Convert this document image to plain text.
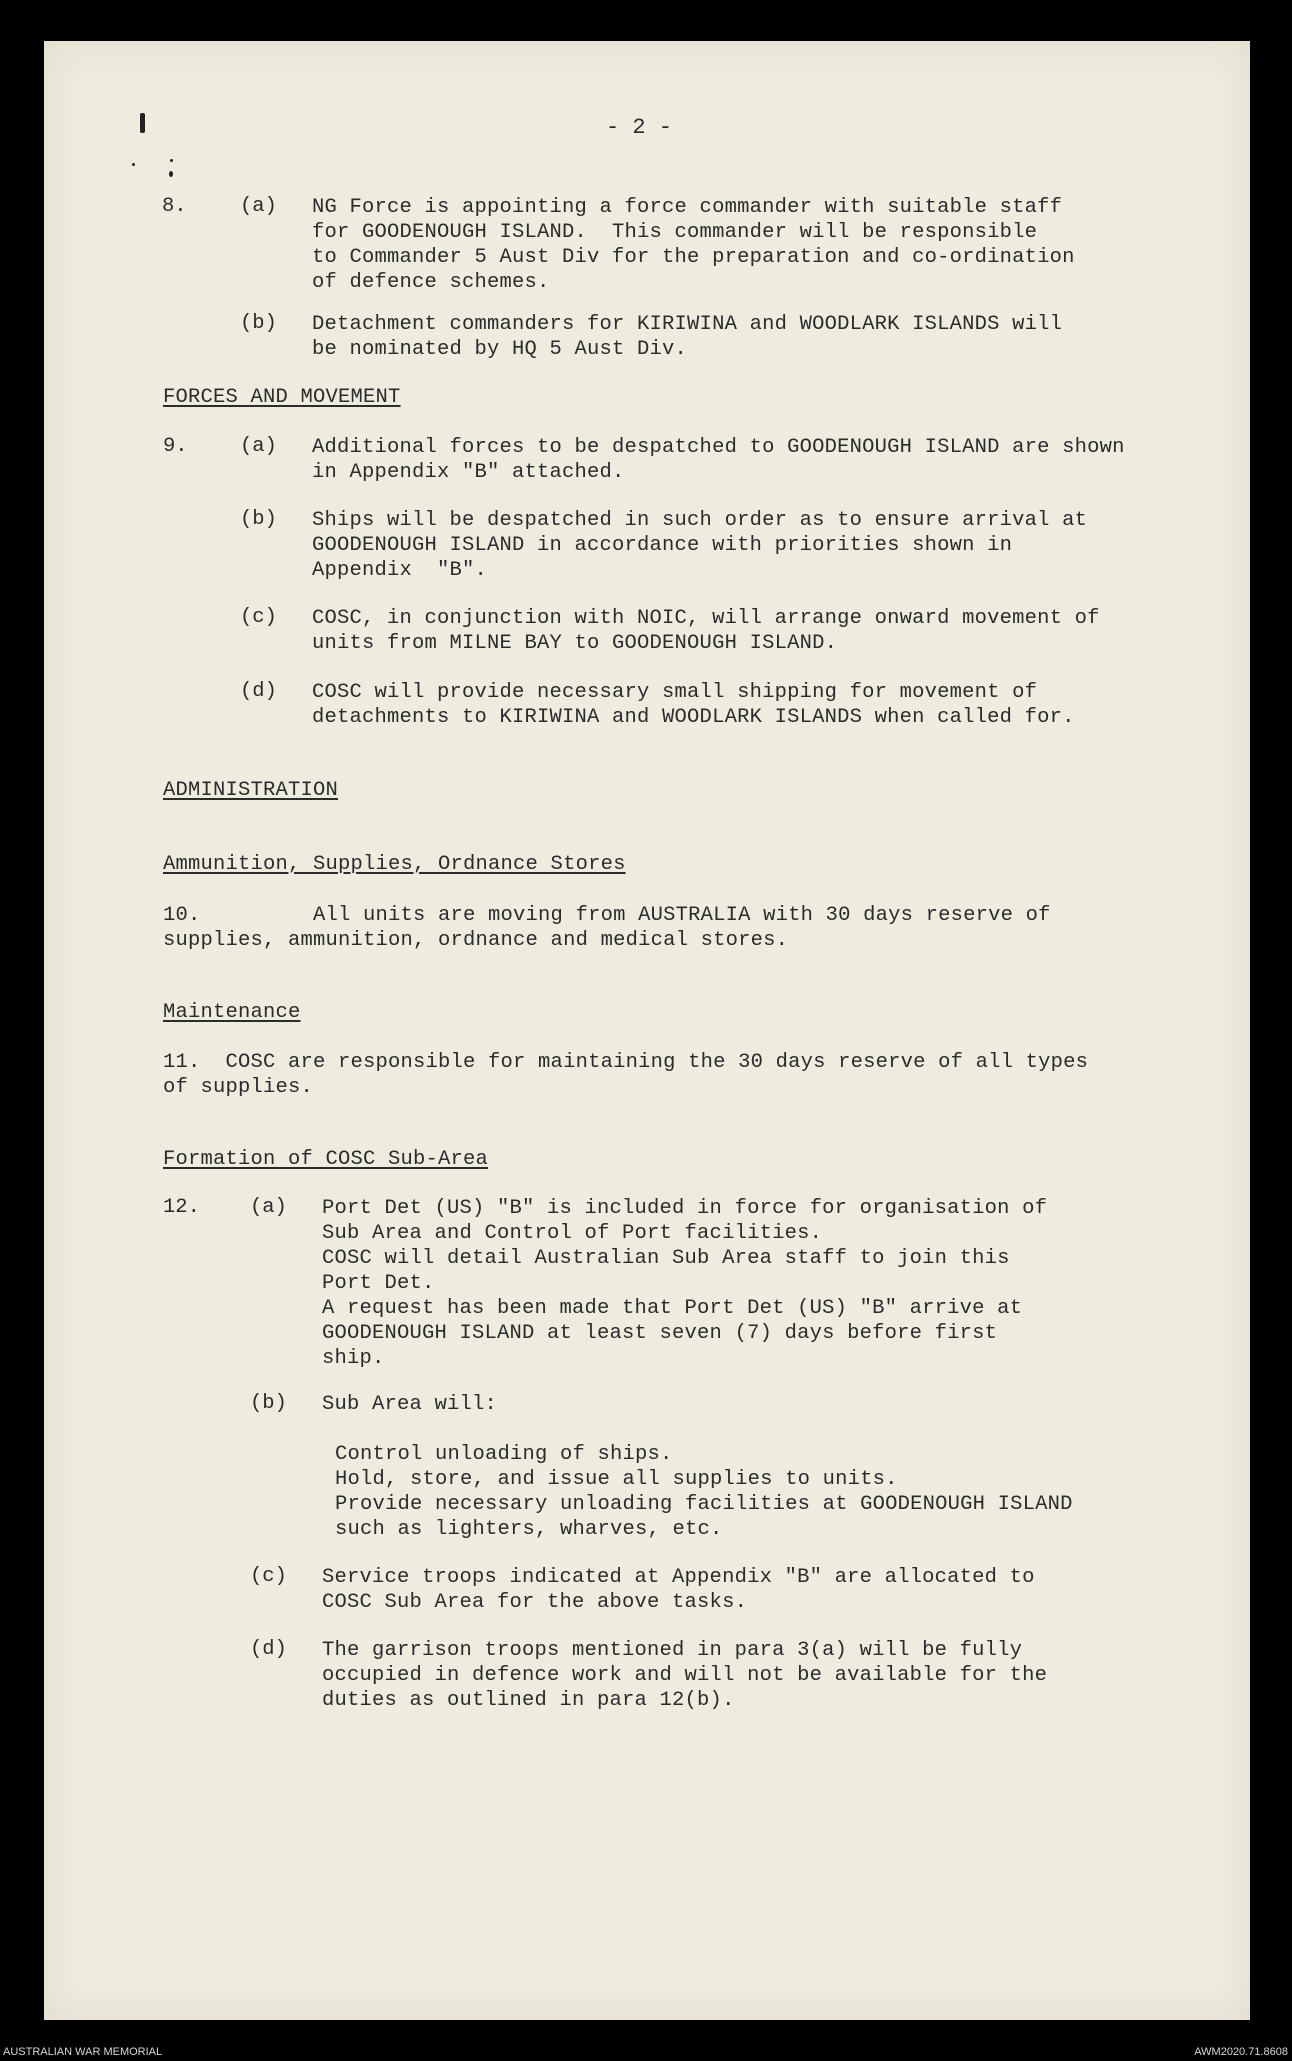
- 2 -
8.	(a) NG Force is appointing a force commander with suitable staff
for GOODENOUGH ISLAND.  This commander will be responsible
to Commander 5 Aust Div for the preparation and co-ordination
of defence schemes.
(b) Detachment commanders for KIRIWINA and WOODLARK ISLANDS will
be nominated by HQ 5 Aust Div.
FORCES AND MOVEMENT
9.	(a) Additional forces to be despatched to GOODENOUGH ISLAND are shown
in Appendix "B" attached.
(b) Ships will be despatched in such order as to ensure arrival at
GOODENOUGH ISLAND in accordance with priorities shown in
Appendix  "B".
(c) COSC, in conjunction with NOIC, will arrange onward movement of
units from MILNE BAY to GOODENOUGH ISLAND.
(d) COSC will provide necessary small shipping for movement of
detachments to KIRIWINA and WOODLARK ISLANDS when called for.
ADMINISTRATION
Ammunition, Supplies, Ordnance Stores
10.         All units are moving from AUSTRALIA with 30 days reserve of
supplies, ammunition, ordnance and medical stores.
Maintenance
11.  COSC are responsible for maintaining the 30 days reserve of all types
of supplies.
Formation of COSC Sub-Area
12. (a) Port Det (US) "B" is included in force for organisation of
Sub Area and Control of Port facilities.
COSC will detail Australian Sub Area staff to join this
Port Det.
A request has been made that Port Det (US) "B" arrive at
GOODENOUGH ISLAND at least seven (7) days before first
ship.
(b) Sub Area will:
Control unloading of ships.
Hold, store, and issue all supplies to units.
Provide necessary unloading facilities at GOODENOUGH ISLAND
such as lighters, wharves, etc.
(c) Service troops indicated at Appendix "B" are allocated to
COSC Sub Area for the above tasks.
(d) The garrison troops mentioned in para 3(a) will be fully
occupied in defence work and will not be available for the
duties as outlined in para 12(b).
AUSTRALIAN WAR MEMORIAL	AWM2020.71.8608
